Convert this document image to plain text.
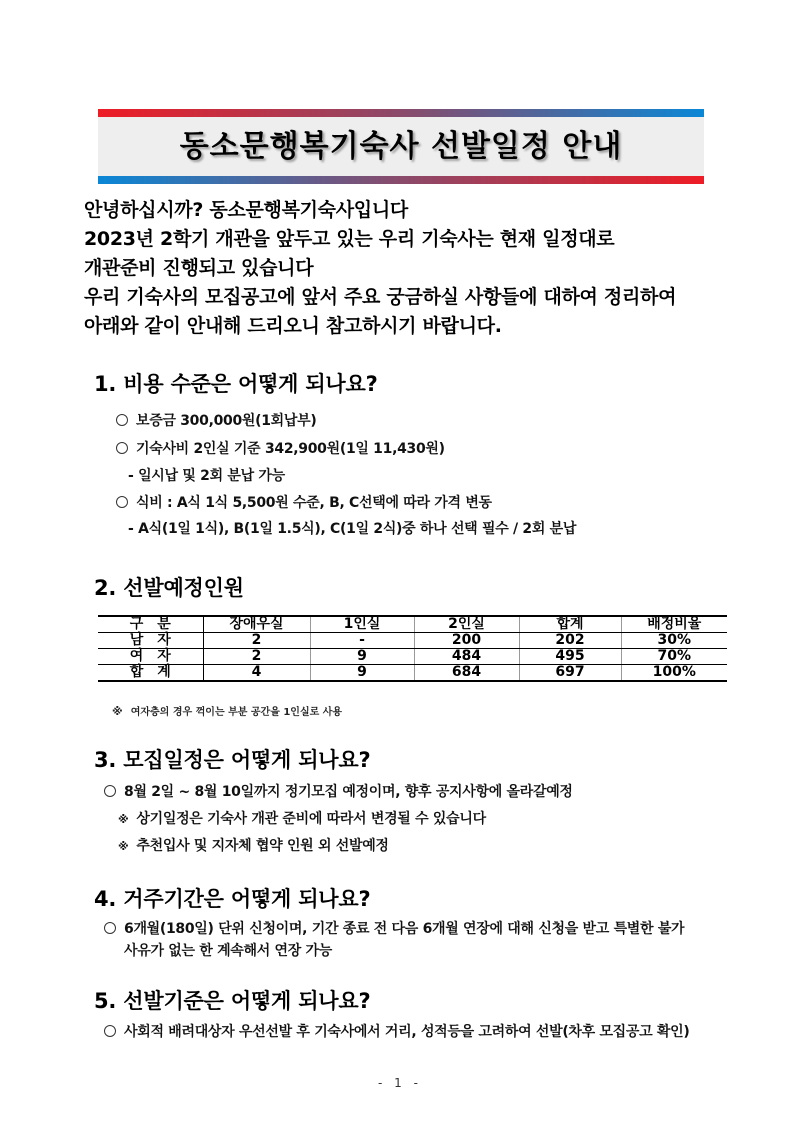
동소문행복기숙사 선발일정 안내
안녕하십시까? 동소문행복기숙사입니다
2023년 2학기 개관을 앞두고 있는 우리 기숙사는 현재 일정대로
개관준비 진행되고 있습니다
우리 기숙사의 모집공고에 앞서 주요 궁금하실 사항들에 대하여 정리하여
아래와 같이 안내해 드리오니 참고하시기 바랍니다.
1. 비용 수준은 어떻게 되나요?
보증금 300,000원(1회납부)
기숙사비 2인실 기준 342,900원(1일 11,430원)
- 일시납 및 2회 분납 가능
식비 : A식 1식 5,500원 수준, B, C선택에 따라 가격 변동
- A식(1일 1식), B(1일 1.5식), C(1일 2식)중 하나 선택 필수 / 2회 분납
2. 선발예정인원
구분	장애우실	1인실	2인실	합계	배정비율
남자	2	-	200	202	30%
여자	2	9	484	495	70%
합계	4	9	684	697	100%
※ 여자층의 경우 꺽이는 부분 공간을 1인실로 사용
3. 모집일정은 어떻게 되나요?
8월 2일 ~ 8월 10일까지 정기모집 예정이며, 향후 공지사항에 올라갈예정
※ 상기일정은 기숙사 개관 준비에 따라서 변경될 수 있습니다
※ 추천입사 및 지자체 협약 인원 외 선발예정
4. 거주기간은 어떻게 되나요?
6개월(180일) 단위 신청이며, 기간 종료 전 다음 6개월 연장에 대해 신청을 받고 특별한 불가
사유가 없는 한 계속해서 연장 가능
5. 선발기준은 어떻게 되나요?
사회적 배려대상자 우선선발 후 기숙사에서 거리, 성적등을 고려하여 선발(차후 모집공고 확인)
- 1 -
